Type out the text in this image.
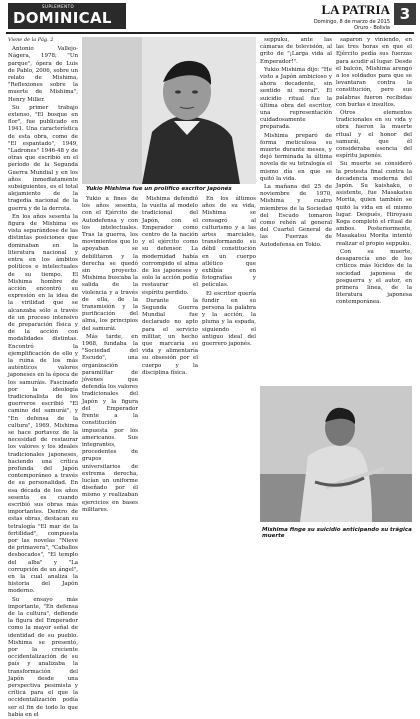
SUPLEMENTO
DOMINICAL	LA PATRIA
Domingo, 8 de marzo de 2015
Oruro - Bolivia
3
Viene de la Pág. 2

Antonio Vallejo-Nágera, 1978; "Un parque", ópera de Luis de Pablo, 2006, sobre un relato de Mishima, "Reflexiones sobre la muerte de Mishima", Henry Miller.

Su primer trabajo extenso, "El bosque en flor", fue publicado en 1941. Una característica de esta obra, como de "El espantado", 1949, "Ladrones" 1946-48 y de otras que escribió en el período de la Segunda Guerra Mundial y en los años inmediatamente subsiguientes, es el total alejamiento de la tragedia nacional de la guerra y de la derrota.

En los años sesenta la figura de Mishima es vista separándose de las distintas posiciones que dominaban en la literatura nacional y entra en los ámbitos políticos e intelectuales de su tiempo. El Mishima hombre de acción encontró su expresión en la idea de la virilidad que se alcanzaba sólo a través de un proceso intensivo de preparación física y de la acción con modalidades distintas. Encontró la ejemplificación de ello y la ruina de los más auténticos valores japoneses en la época de los samuráis. Fascinado por la ideología tradicionalista de los guerreros escribió "El camino del samurái", y "En defensa de la cultura", 1969. Mishima se hace portavoz de la necesidad de restaurar los valores y los ideales tradicionales japoneses, haciendo una crítica profunda del Japón contemporáneo a través de su personalidad. En esa década de los años sesenta es cuando escribió sus obras más importantes. Dentro de estas obras, destacan su tetralogía "El mar de la fertilidad", compuesta por las novelas "Nieve de primavera", "Caballos desbocados", "El templo del alba" y "La corrupción de un ángel", en la cual analiza la historia del Japón moderno.

Su ensayo más importante, "En defensa de la cultura", defiende la figura del Emperador como la mayor señal de identidad de su pueblo. Mishima se presentó, por la creciente occidentalización de su país y analizaba la transformación del Japón desde una perspectiva pesimista y crítica para el que la occidentalización podía ser el fin de todo lo que había en el

Yukio Mishima fue un prolífico escritor japonés

Yukio a fines de los años sesenta, con el Ejército de Autodefensa y con los intelectuales. Tras la guerra, los movimientos que lo apoyaban se debilitaron y la derecha se quedó sin proyecto. Mishima buscaba la salida de la violencia y a través de ella, de la transmisión y la purificación del alma, los principios del samurái.

Más tarde, en 1968, fundaba la "Sociedad del Escudo", una organización paramilitar de jóvenes que defendía los valores tradicionales del Japón y la figura del Emperador frente a la constitución impuesta por los americanos. Sus integrantes, procedentes de grupos universitarios de extrema derecha, lucían un uniforme diseñado por él mismo y realizaban ejercicios en bases militares.

Mishima defendió la vuelta al modelo tradicional del Japón, con el Emperador como centro de la nación y el ejército como su defensor. La modernidad había corrompido el alma de los japoneses y solo la acción podía restaurar el espíritu perdido.

Durante la Segunda Guerra Mundial fue declarado no apto para el servicio militar, un hecho que marcaría su vida y alimentaría su obsesión por el cuerpo y la disciplina física.

En los últimos años de su vida, Mishima se consagró al culturismo y a las artes marciales, transformando su débil constitución en un cuerpo atlético que exhibía en fotografías y películas.

El escritor quería fundir en su persona la palabra y la acción, la pluma y la espada, siguiendo el antiguo ideal del guerrero japonés.

seppuku, ante las cámaras de televisión, al grito de "¡Larga vida al Emperador!".

Yukio Mishima dijo: "He visto a Japón ambicioso y ahora decadente, sin sentido ni moral". El suicidio ritual fue la última obra del escritor, una representación cuidadosamente preparada.

Mishima preparó de forma meticulosa su muerte durante meses, y dejó terminada la última novela de su tetralogía el mismo día en que se quitó la vida.

La mañana del 25 de noviembre de 1970, Mishima y cuatro miembros de la Sociedad del Escudo tomaron como rehén al general del Cuartel General de las Fuerzas de Autodefensa en Tokio.

saparon y viniendo, en las tres horas en que el Ejército pedía sus fuerzas para acudir al lugar. Desde el balcón, Mishima arengó a los soldados para que se levantaran contra la constitución, pero sus palabras fueron recibidas con burlas e insultos.

Otros elementos tradicionales en su vida y obra fueron la muerte ritual y el honor del samurái, que él consideraba esencia del espíritu japonés.

Su muerte se consideró la protesta final contra la decadencia moderna del Japón. Su kaishaku, o asistente, fue Masakatsu Morita, quien también se quitó la vida en el mismo lugar. Después, Hiroyasu Koga completó el ritual de ambos. Posteriormente, Masakatsu Morita intentó realizar el propio seppuku.

Con su muerte, desaparecía uno de los críticos más lúcidos de la sociedad japonesa de posguerra y el autor, en primera línea, de la literatura japonesa contemporánea.

Mishima finge su suicidio anticipando su trágica muerte
